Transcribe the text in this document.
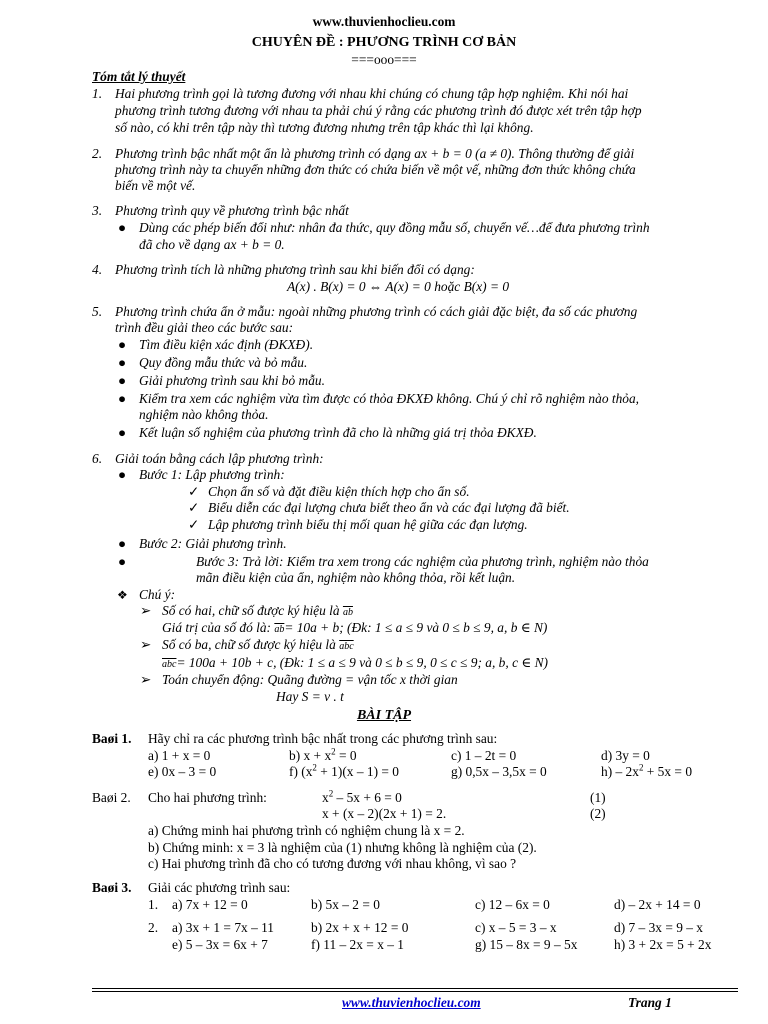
www.thuvienhoclieu.com
CHUYÊN ĐỀ : PHƯƠNG TRÌNH CƠ BẢN
===ooo===
Tóm tắt lý thuyết
1. Hai phương trình gọi là tương đương với nhau khi chúng có chung tập hợp nghiệm. Khi nói hai
phương trình tương đương với nhau ta phải chú ý rằng các phương trình đó được xét trên tập hợp
số nào, có khi trên tập này thì tương đương nhưng trên tập khác thì lại không.
2. Phương trình bậc nhất một ẩn là phương trình có dạng ax + b = 0 (a ≠ 0). Thông thường để giải
phương trình này ta chuyển những đơn thức có chứa biến về một vế, những đơn thức không chứa
biến về một vế.
3. Phương trình quy về phương trình bậc nhất
● Dùng các phép biến đổi như: nhân đa thức, quy đồng mẫu số, chuyển vế…để đưa phương trình
đã cho về dạng ax + b = 0.
4. Phương trình tích là những phương trình sau khi biến đổi có dạng:
A(x) . B(x) = 0 ⇔ A(x) = 0 hoặc B(x) = 0
5. Phương trình chứa ẩn ở mẫu: ngoài những phương trình có cách giải đặc biệt, đa số các phương
trình đều giải theo các bước sau:
● Tìm điều kiện xác định (ĐKXĐ).
● Quy đồng mẫu thức và bỏ mẫu.
● Giải phương trình sau khi bỏ mẫu.
● Kiểm tra xem các nghiệm vừa tìm được có thỏa ĐKXĐ không. Chú ý chỉ rõ nghiệm nào thỏa,
nghiệm nào không thỏa.
● Kết luận số nghiệm của phương trình đã cho là những giá trị thỏa ĐKXĐ.
6. Giải toán bằng cách lập phương trình:
● Bước 1: Lập phương trình:
✓ Chọn ẩn số và đặt điều kiện thích hợp cho ẩn số.
✓ Biểu diễn các đại lượng chưa biết theo ẩn và các đại lượng đã biết.
✓ Lập phương trình biểu thị mối quan hệ giữa các đạn lượng.
● Bước 2: Giải phương trình.
●	Bước 3: Trả lời: Kiểm tra xem trong các nghiệm của phương trình, nghiệm nào thỏa
mãn điều kiện của ẩn, nghiệm nào không thỏa, rồi kết luận.
❖ Chú ý:
➢ Số có hai, chữ số được ký hiệu là $\overline{ab}$
Giá trị của số đó là: $\overline{ab}= 10a + b$; (Đk: 1 ≤ a ≤ 9 và 0 ≤ b ≤ 9, a, b ∈ N)
➢ Số có ba, chữ số được ký hiệu là $\overline{abc}$
$\overline{abc}= 100a + 10b + c$, (Đk: 1 ≤ a ≤ 9 và 0 ≤ b ≤ 9, 0 ≤ c ≤ 9; a, b, c ∈ N)
➢ Toán chuyển động: Quãng đường = vận tốc x thời gian
Hay S = v . t
BÀI TẬP
Baøi 1. Hãy chỉ ra các phương trình bậc nhất trong các phương trình sau:
a) 1 + x = 0	b) $x + x^2 = 0$	c) 1 – 2t = 0	d) 3y = 0
e) 0x – 3 = 0	f) $(x^2 + 1)(x - 1) = 0$	g) 0,5x – 3,5x = 0	$h) - 2x^2 + 5x = 0$
Baøi 2. Cho hai phương trình:	$x^2 - 5x + 6 = 0$	(1)
x + (x – 2)(2x + 1) = 2.	(2)
a) Chứng minh hai phương trình có nghiệm chung là x = 2.
b) Chứng minh: x = 3 là nghiệm của (1) nhưng không là nghiệm của (2).
c) Hai phương trình đã cho có tương đương với nhau không, vì sao ?
Baøi 3. Giải các phương trình sau:
1. a) 7x + 12 = 0	b) 5x – 2 = 0	c) 12 – 6x = 0	d) – 2x + 14 = 0
2. a) 3x + 1 = 7x – 11	b) 2x + x + 12 = 0	c) x – 5 = 3 – x	d) 7 – 3x = 9 – x
e) 5 – 3x = 6x + 7	f) 11 – 2x = x – 1	g) 15 – 8x = 9 – 5x	h) 3 + 2x = 5 + 2x
www.thuvienhoclieu.com	Trang 1
